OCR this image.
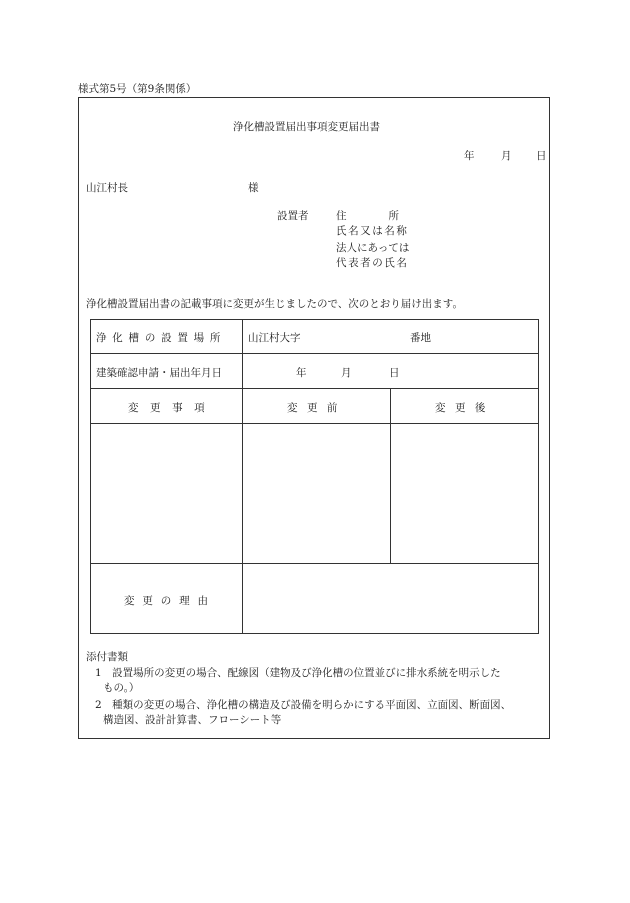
様式第5号（第9条関係）
浄化槽設置届出事項変更届出書
年	月 日
山江村長	様
設置者	住　　　　所
氏名又は名称
法人にあっては
代表者の氏名
浄化槽設置届出書の記載事項に変更が生じましたので、次のとおり届け出ます。
浄化槽の設置場所 山江村大字	番地
建築確認申請・届出年月日	年	月	日
変更事項	変更前	変更後
変更の理由
添付書類
1　設置場所の変更の場合、配線図（建物及び浄化槽の位置並びに排水系統を明示した
もの。）
2　種類の変更の場合、浄化槽の構造及び設備を明らかにする平面図、立面図、断面図、
構造図、設計計算書、フローシート等
